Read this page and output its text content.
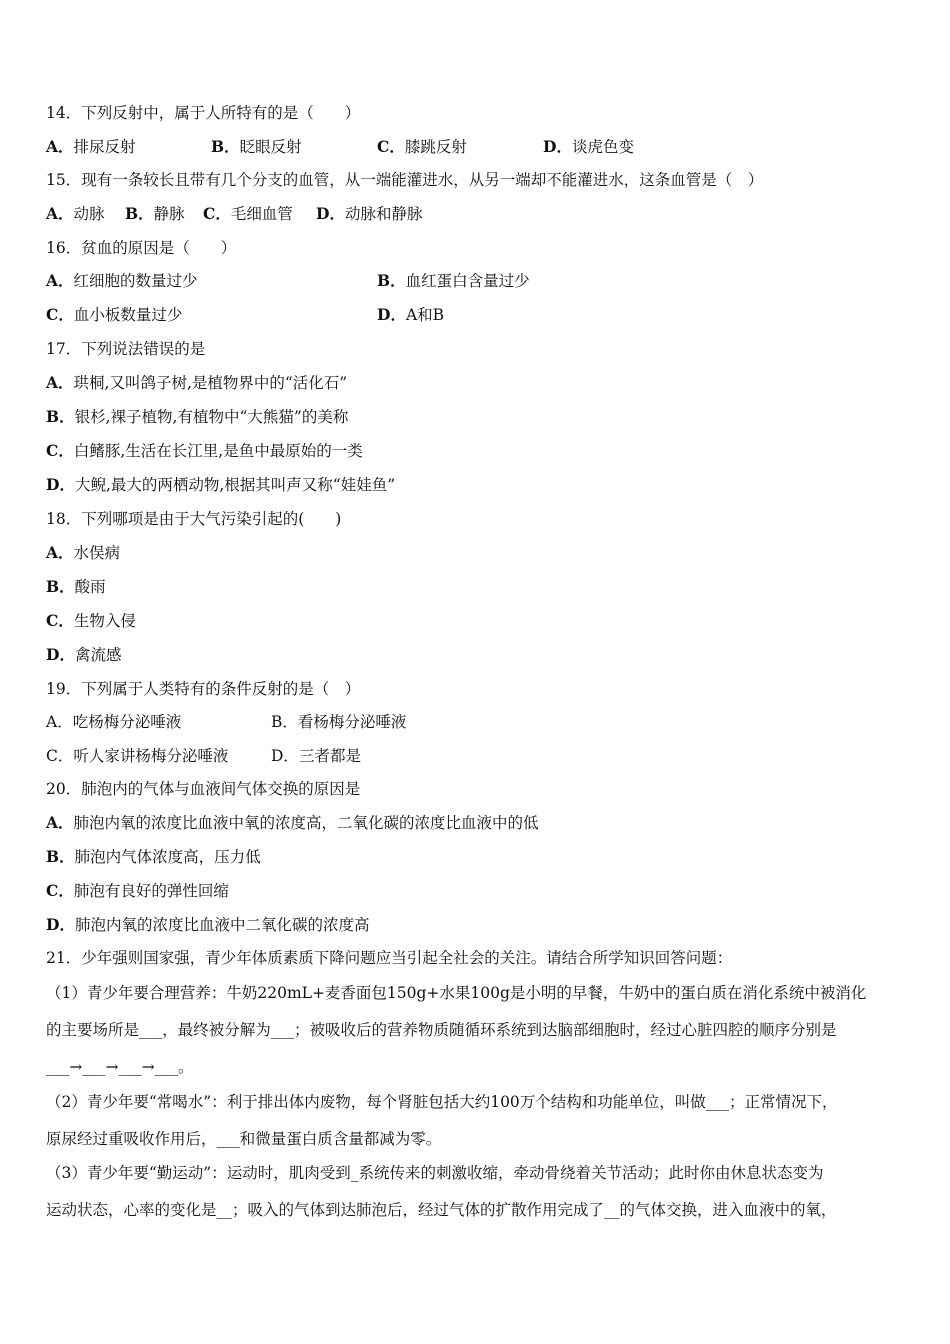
14．下列反射中，属于人所特有的是（　　）
A．排尿反射	B．眨眼反射	C．膝跳反射	D．谈虎色变
15．现有一条较长且带有几个分支的血管，从一端能灌进水，从另一端却不能灌进水，这条血管是（　）
A．动脉 B．静脉 C．毛细血管 D．动脉和静脉
16．贫血的原因是（　　）
A．红细胞的数量过少	B．血红蛋白含量过少
C．血小板数量过少	D．A和B
17．下列说法错误的是
A．珙桐,又叫鸽子树,是植物界中的“活化石”
B．银杉,裸子植物,有植物中“大熊猫”的美称
C．白鳍豚,生活在长江里,是鱼中最原始的一类
D．大鲵,最大的两栖动物,根据其叫声又称“娃娃鱼”
18．下列哪项是由于大气污染引起的(　　)
A．水俣病
B．酸雨
C．生物入侵
D．禽流感
19．下列属于人类特有的条件反射的是（　）
A．吃杨梅分泌唾液	B．看杨梅分泌唾液
C．听人家讲杨梅分泌唾液	D．三者都是
20．肺泡内的气体与血液间气体交换的原因是
A．肺泡内氧的浓度比血液中氧的浓度高，二氧化碳的浓度比血液中的低
B．肺泡内气体浓度高，压力低
C．肺泡有良好的弹性回缩
D．肺泡内氧的浓度比血液中二氧化碳的浓度高
21．少年强则国家强，青少年体质素质下降问题应当引起全社会的关注。请结合所学知识回答问题：
（1）青少年要合理营养：牛奶220mL+麦香面包150g+水果100g是小明的早餐，牛奶中的蛋白质在消化系统中被消化
的主要场所是___，最终被分解为___；被吸收后的营养物质随循环系统到达脑部细胞时，经过心脏四腔的顺序分别是
___→___→___→___。
（2）青少年要“常喝水”：利于排出体内废物，每个肾脏包括大约100万个结构和功能单位，叫做___；正常情况下，
原尿经过重吸收作用后，___和微量蛋白质含量都减为零。
（3）青少年要“勤运动”：运动时，肌肉受到_系统传来的刺激收缩，牵动骨绕着关节活动；此时你由休息状态变为
运动状态，心率的变化是__；吸入的气体到达肺泡后，经过气体的扩散作用完成了__的气体交换，进入血液中的氧，
